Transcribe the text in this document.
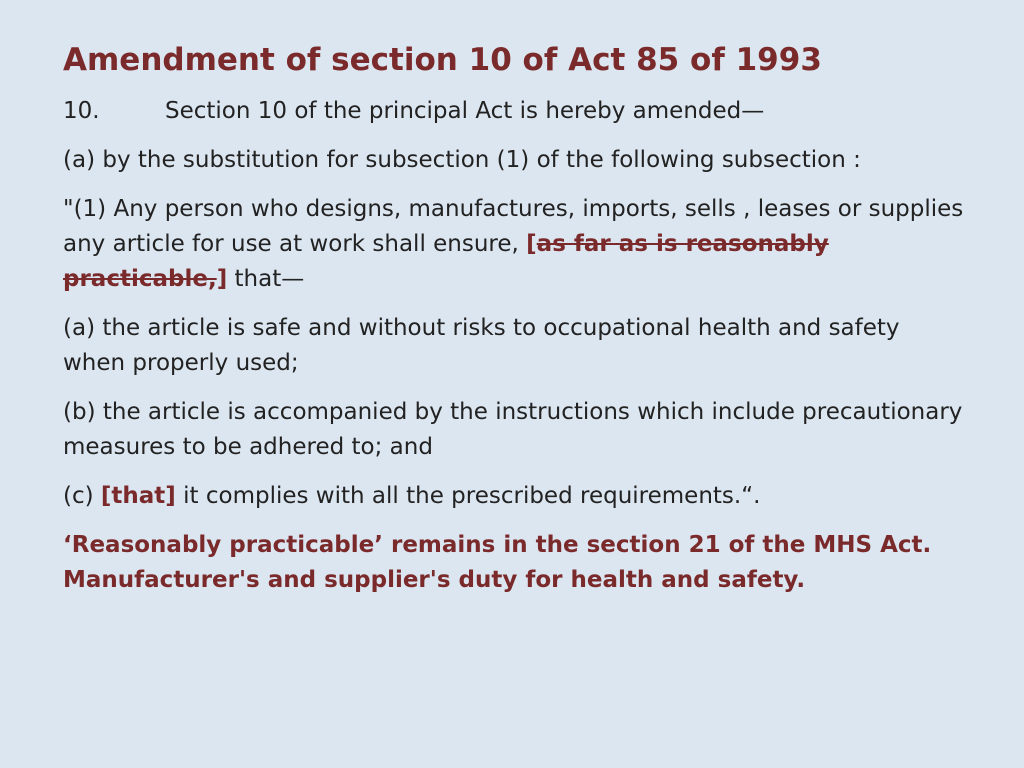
Amendment of section 10 of Act 85 of 1993

10.	Section 10 of the principal Act is hereby amended—

(a) by the substitution for subsection (1) of the following subsection :

"(1) Any person who designs, manufactures, imports, sells , leases or supplies any article for use at work shall ensure, [as far as is reasonably practicable,] that—

(a) the article is safe and without risks to occupational health and safety when properly used;

(b) the article is accompanied by the instructions which include precautionary measures to be adhered to; and

(c) [that] it complies with all the prescribed requirements.“.

‘Reasonably practicable’ remains in the section 21 of the MHS Act. Manufacturer's and supplier's duty for health and safety.
